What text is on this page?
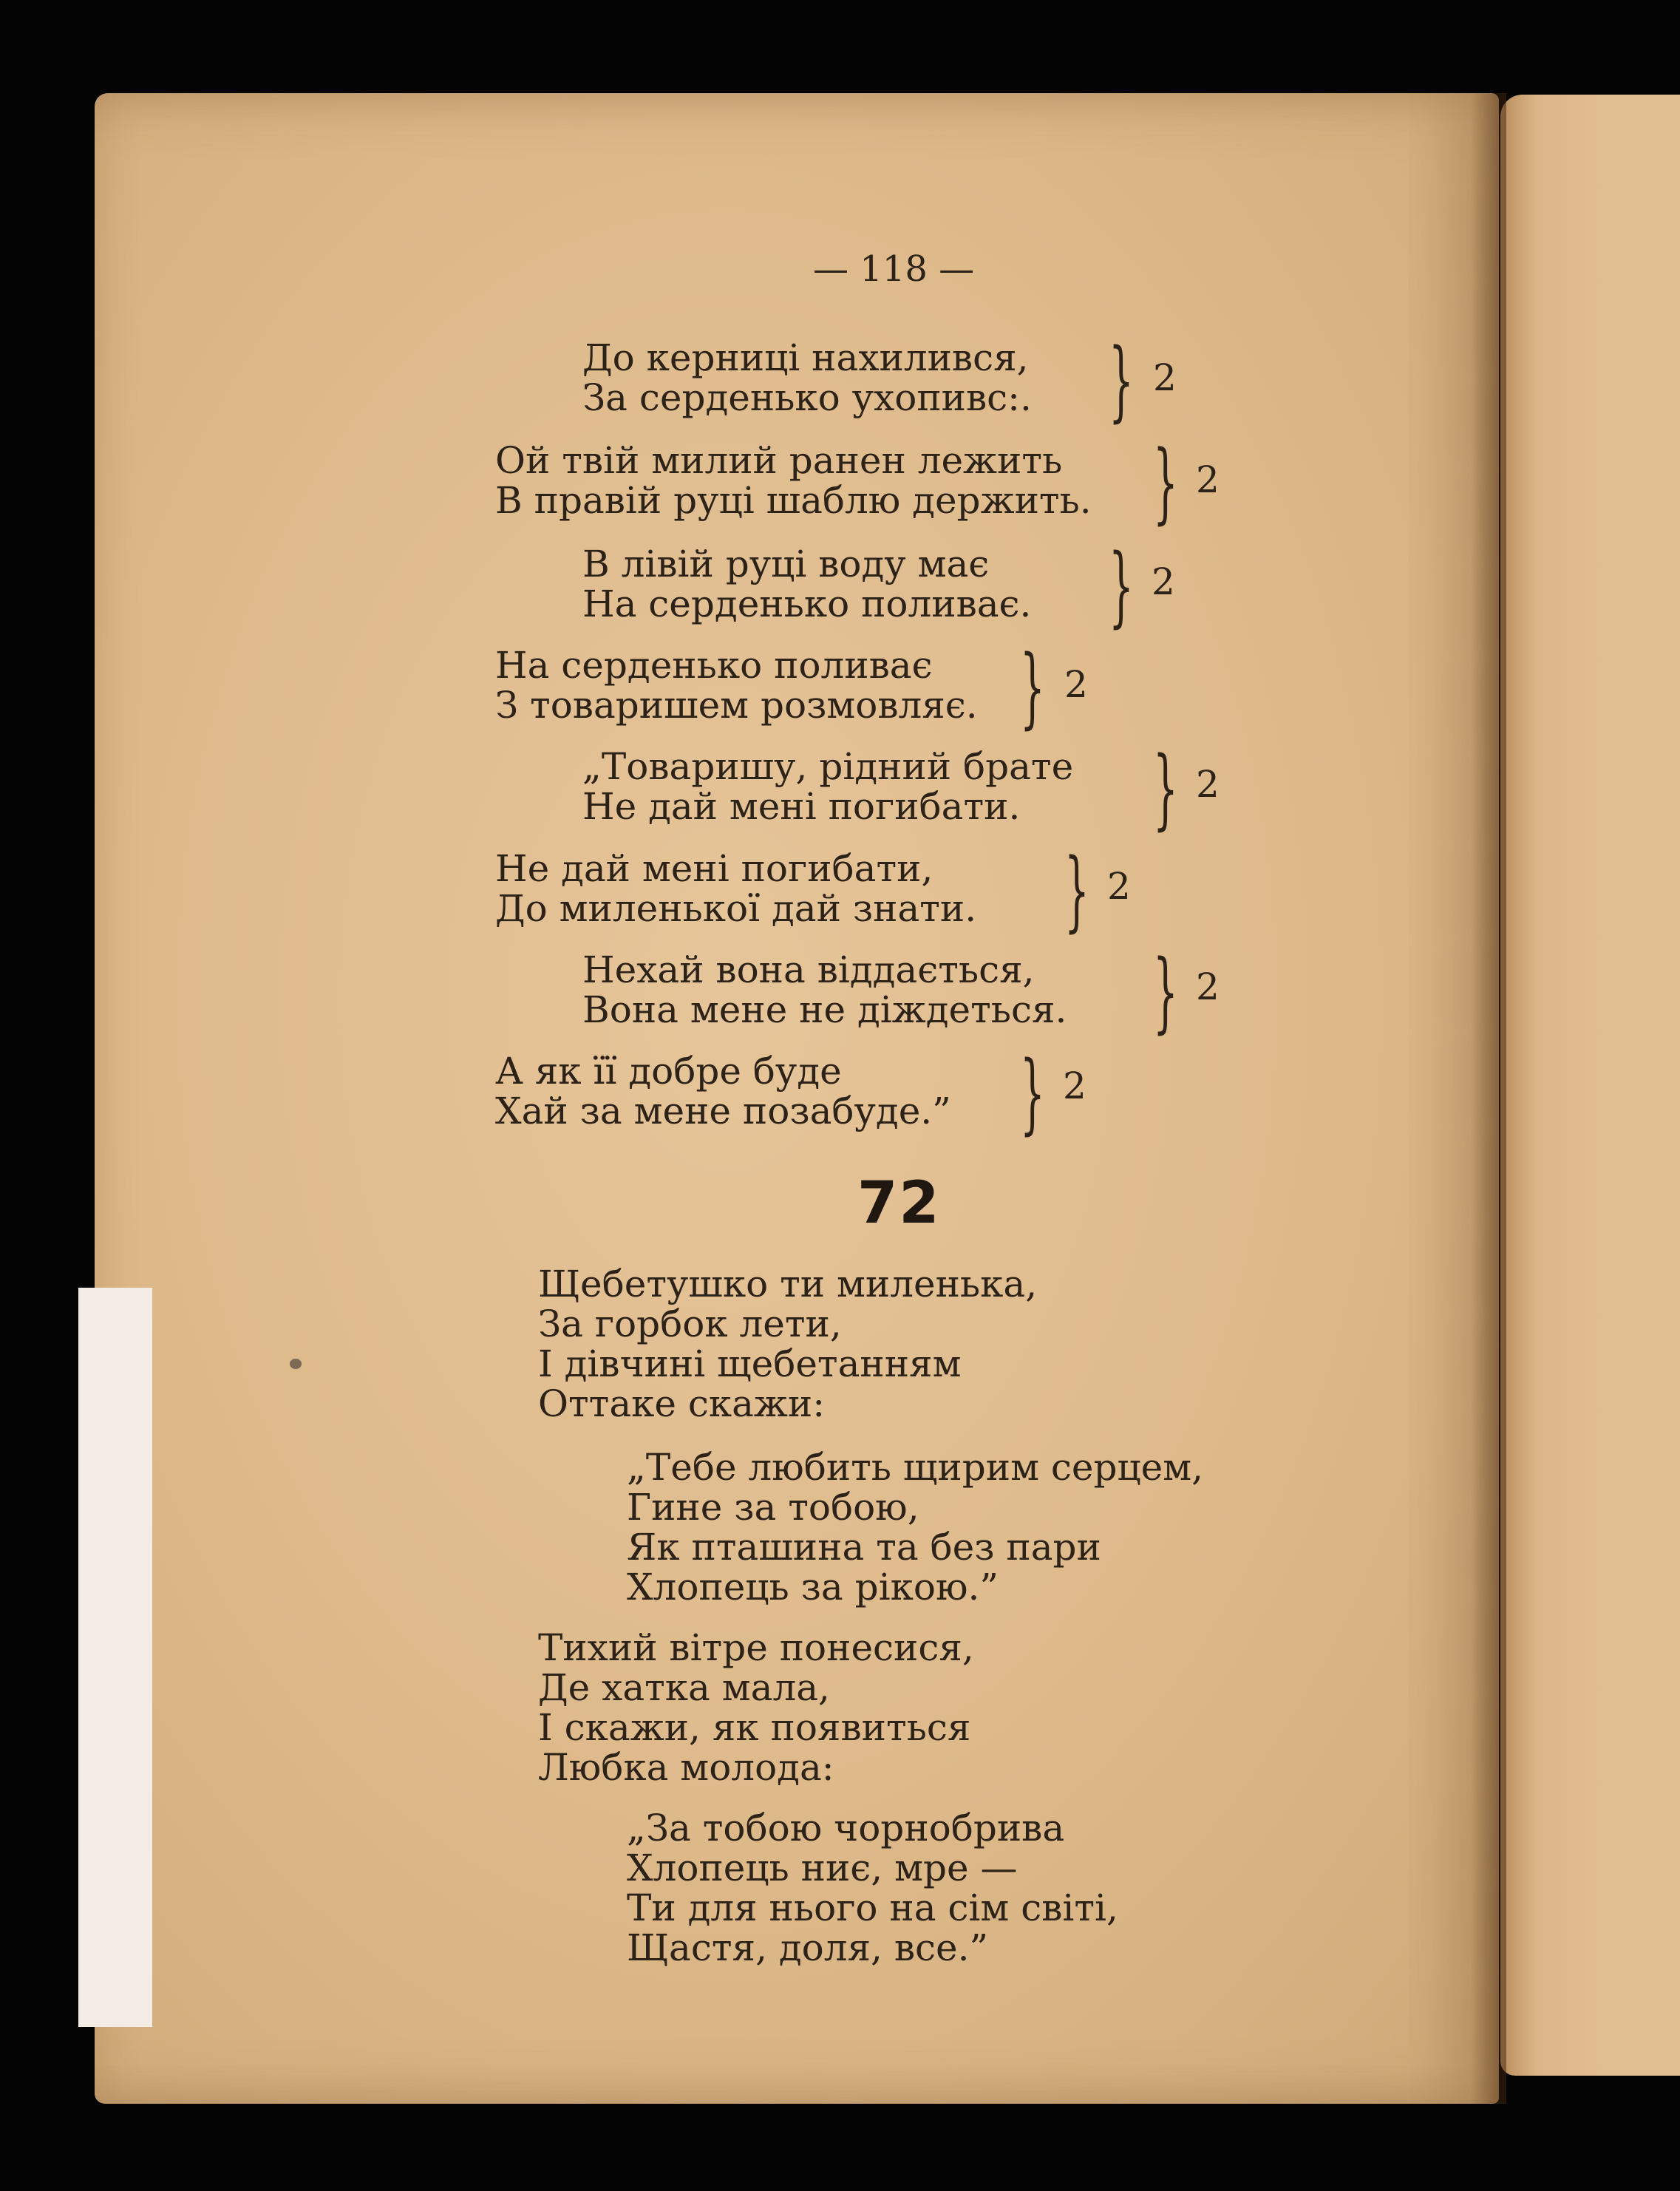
— 118 —
До керниці нахилився,
За серденько ухопивс:. } 2
Ой твій милий ранен лежить
В правій руці шаблю держить. } 2
В лівій руці воду має
На серденько поливає. } 2
На серденько поливає
З товаришем розмовляє. } 2
„Товаришу, рідний брате
Не дай мені погибати. } 2
Не дай мені погибати,
До миленької дай знати. } 2
Нехай вона віддається,
Вона мене не діждеться. } 2
А як її добре буде
Хай за мене позабуде.” } 2
72
Щебетушко ти миленька,
За горбок лети,
І дівчині щебетанням
Оттаке скажи:
„Тебе любить щирим серцем,
Гине за тобою,
Як пташина та без пари
Хлопець за рікою.”
Тихий вітре понесися,
Де хатка мала,
І скажи, як появиться
Любка молода:
„За тобою чорнобрива
Хлопець ниє, мре —
Ти для нього на сім світі,
Щастя, доля, все.”
